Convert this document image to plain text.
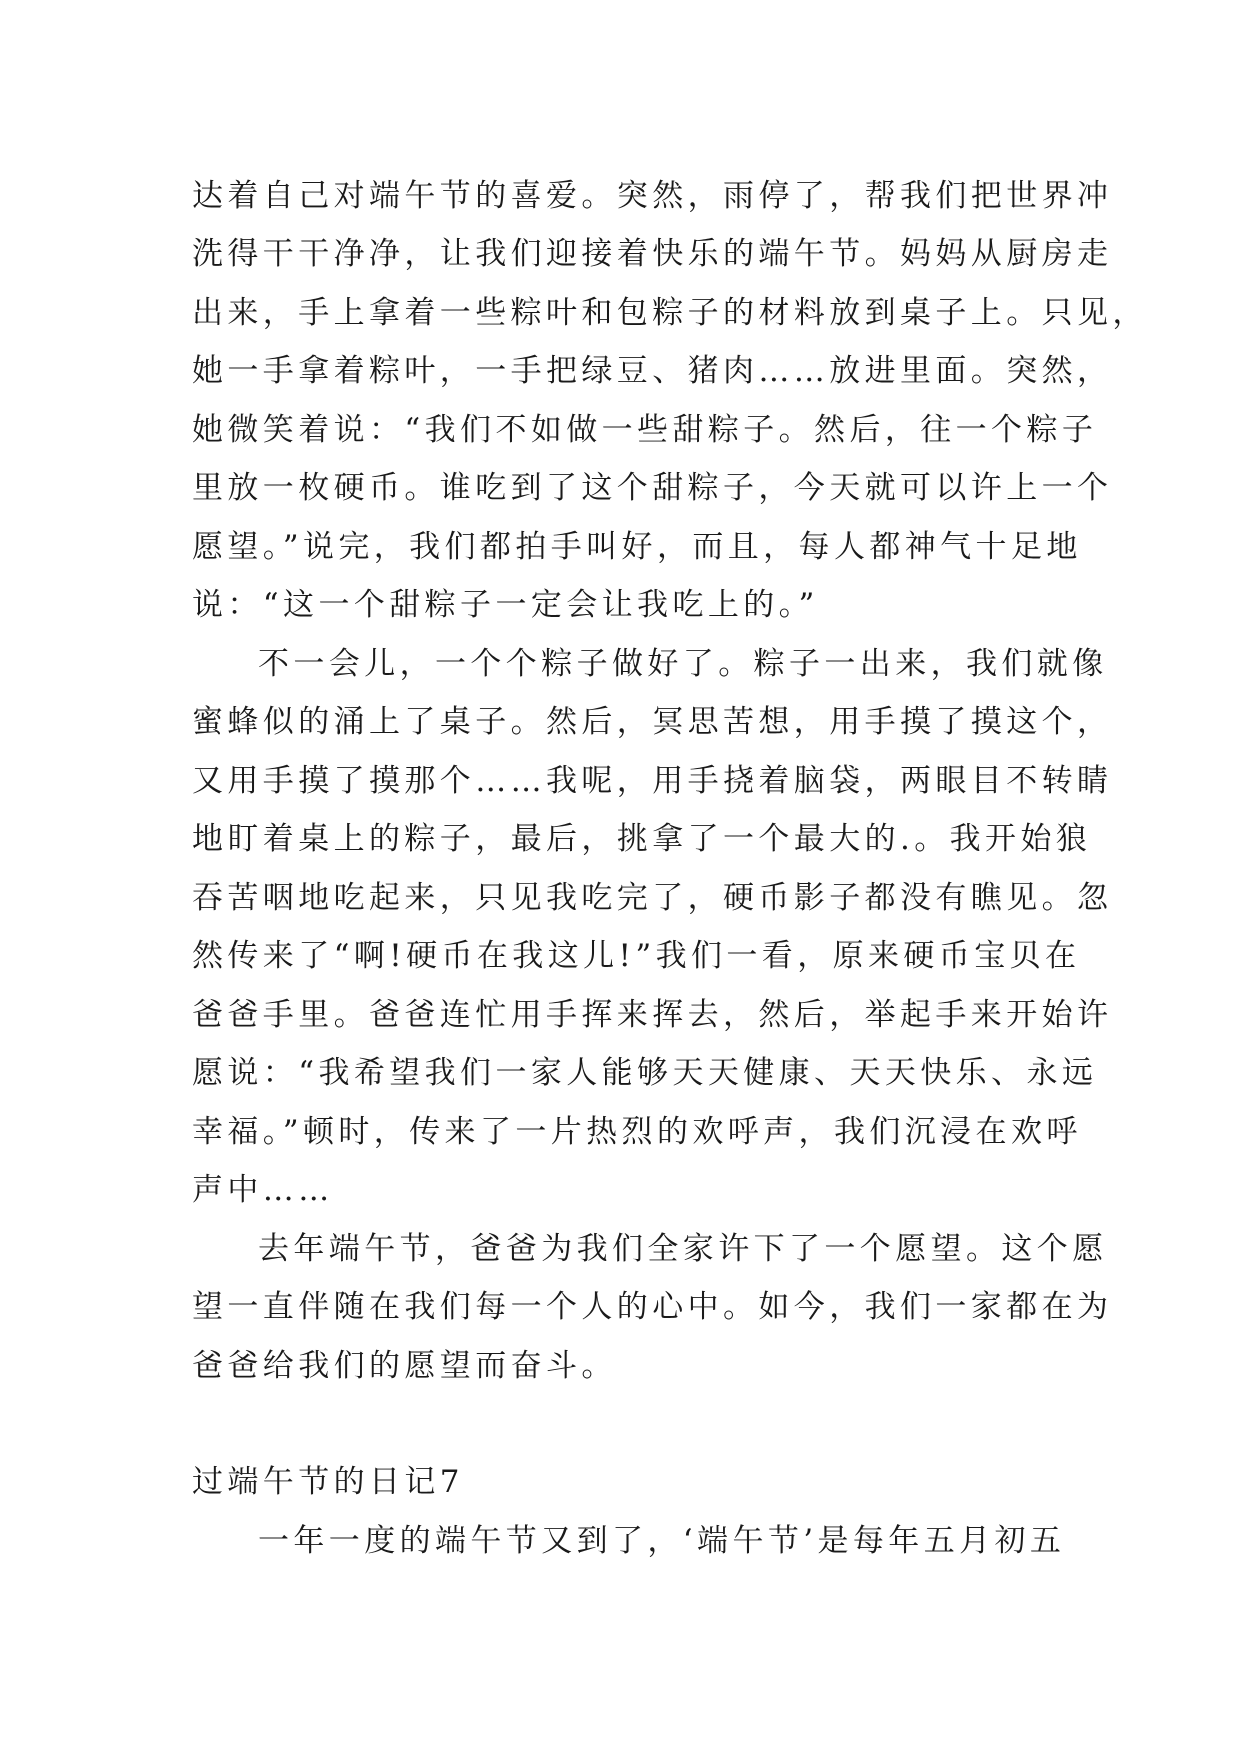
达着自己对端午节的喜爱。突然，雨停了，帮我们把世界冲
洗得干干净净，让我们迎接着快乐的端午节。妈妈从厨房走
出来，手上拿着一些粽叶和包粽子的材料放到桌子上。只见，
她一手拿着粽叶，一手把绿豆、猪肉……放进里面。突然，
她微笑着说：“我们不如做一些甜粽子。然后，往一个粽子
里放一枚硬币。谁吃到了这个甜粽子，今天就可以许上一个
愿望。”说完，我们都拍手叫好，而且，每人都神气十足地
说：“这一个甜粽子一定会让我吃上的。”
不一会儿，一个个粽子做好了。粽子一出来，我们就像
蜜蜂似的涌上了桌子。然后，冥思苦想，用手摸了摸这个，
又用手摸了摸那个……我呢，用手挠着脑袋，两眼目不转睛
地盯着桌上的粽子，最后，挑拿了一个最大的.。我开始狼
吞苦咽地吃起来，只见我吃完了，硬币影子都没有瞧见。忽
然传来了“啊!硬币在我这儿!”我们一看，原来硬币宝贝在
爸爸手里。爸爸连忙用手挥来挥去，然后，举起手来开始许
愿说：“我希望我们一家人能够天天健康、天天快乐、永远
幸福。”顿时，传来了一片热烈的欢呼声，我们沉浸在欢呼
声中……
去年端午节，爸爸为我们全家许下了一个愿望。这个愿
望一直伴随在我们每一个人的心中。如今，我们一家都在为
爸爸给我们的愿望而奋斗。
过端午节的日记7
一年一度的端午节又到了，‘端午节’是每年五月初五
